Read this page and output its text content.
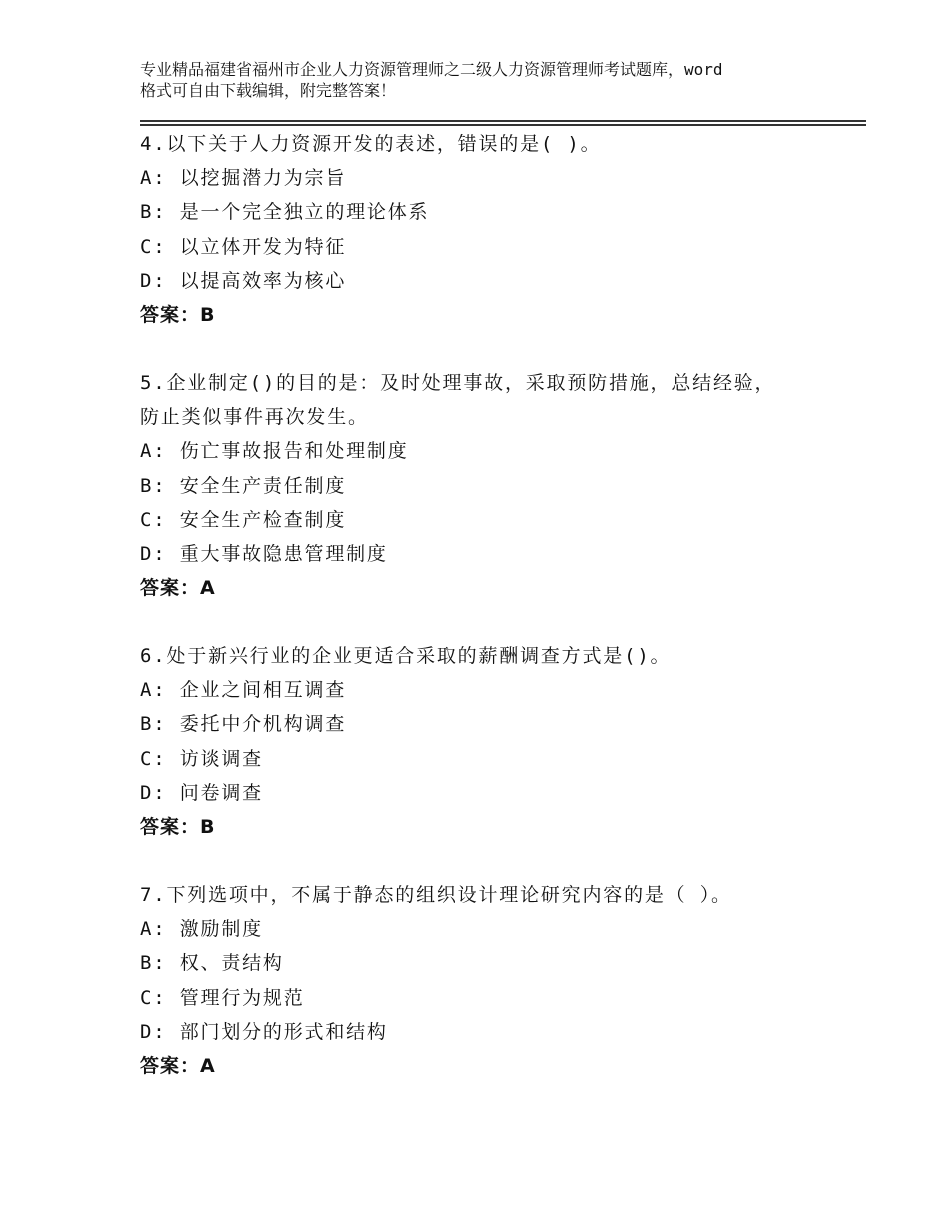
专业精品福建省福州市企业人力资源管理师之二级人力资源管理师考试题库，word
格式可自由下载编辑，附完整答案！
4.以下关于人力资源开发的表述，错误的是( )。
A: 以挖掘潜力为宗旨
B: 是一个完全独立的理论体系
C: 以立体开发为特征
D: 以提高效率为核心
答案：B
5.企业制定()的目的是：及时处理事故，采取预防措施，总结经验，
防止类似事件再次发生。
A: 伤亡事故报告和处理制度
B: 安全生产责任制度
C: 安全生产检查制度
D: 重大事故隐患管理制度
答案：A
6.处于新兴行业的企业更适合采取的薪酬调查方式是()。
A: 企业之间相互调查
B: 委托中介机构调查
C: 访谈调查
D: 问卷调查
答案：B
7.下列选项中，不属于静态的组织设计理论研究内容的是（ ）。
A: 激励制度
B: 权、责结构
C: 管理行为规范
D: 部门划分的形式和结构
答案：A
